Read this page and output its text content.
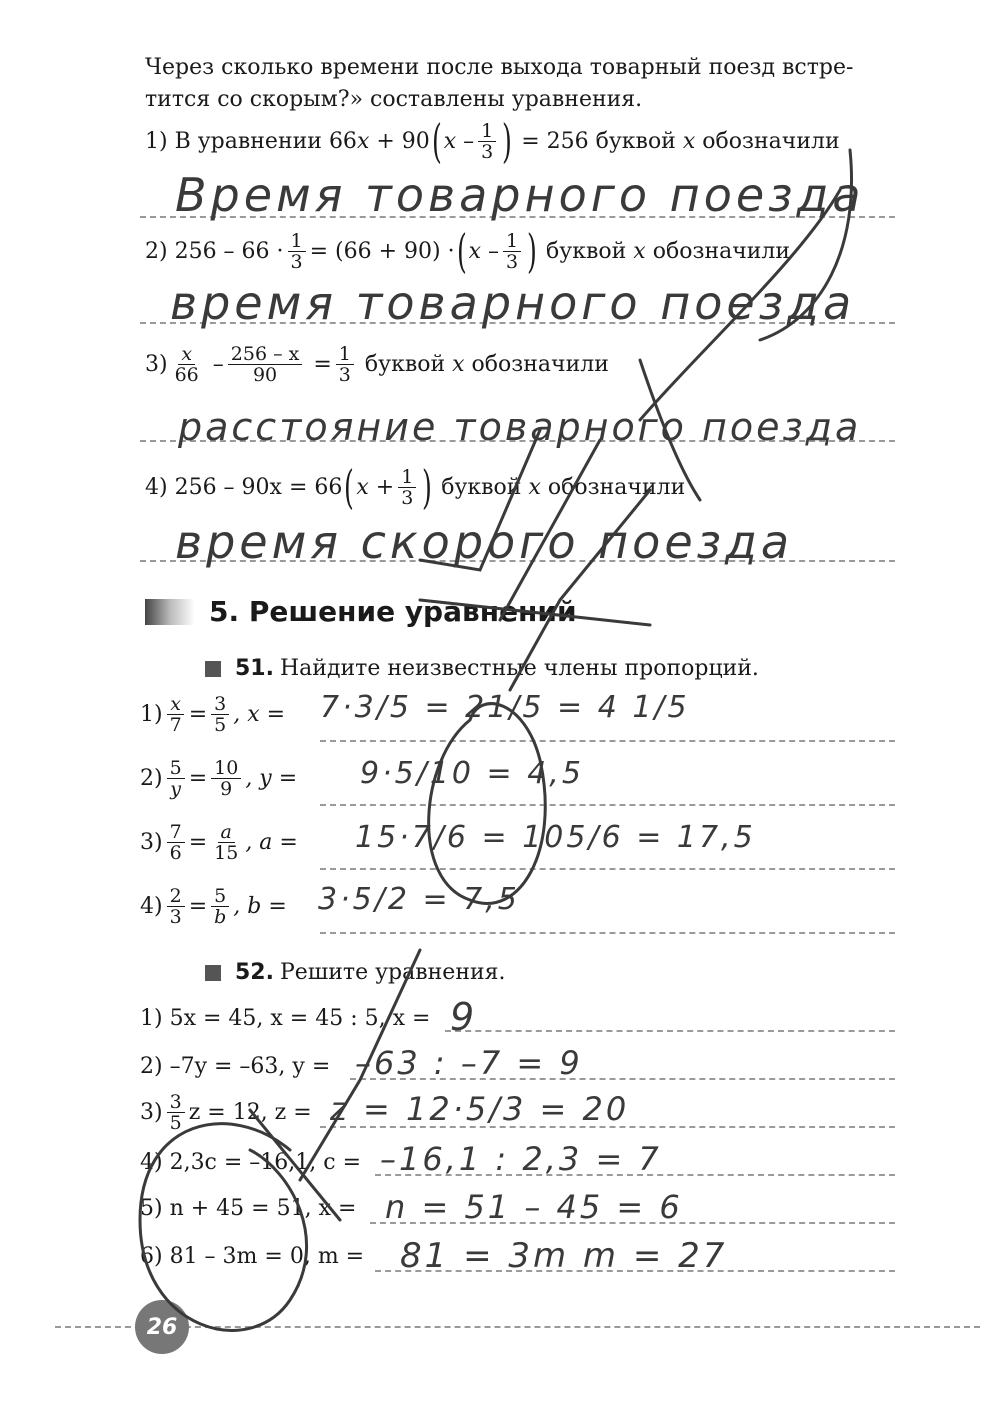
Через сколько времени после выхода товарный поезд встре-
тится со скорым?» составлены уравнения.
1) В уравнении
66 x
+ 90 ( x – $\frac{1}{3}$ )
= 256 буквой
x
обозначили
Время товарного поезда
2) $256 - 66 \cdot \frac{1}{3} = (66 + 90)$ · ( x – $\frac{1}{3}$ )
буквой
x
обозначили
время товарного поезда
$3) \frac{x}{66} - \frac{256 - x}{90} = \frac{1}{3}$
буквой
x
обозначили
расстояние товарного поезда
4) 256 – 90x = 66 ( $x + \frac{1}{3}$ )
буквой
x
обозначили
время скорого поезда
5. Решение уравнений
51. Найдите неизвестные члены пропорций.
$1) \frac{x}{7} = \frac{3}{5}$ , x = 7·3/5 = 21/5 = 4 1/5
$2) \frac{5}{y} = \frac{10}{9}$ , y = 9·5/10 = 4,5
$3) \frac{7}{6} = \frac{a}{15}$ , a = 15·7/6 = 105/6 = 17,5
$4) \frac{2}{3} = \frac{5}{b}$ , b = 3·5/2 = 7,5
52. Решите уравнения.
1) 5x = 45, x = 45 : 5, x = 9
2) –7y = –63, y = –63 : –7 = 9
$3) \frac{3}{5}$ z = 12, z = z = 12·5/3 = 20
4) 2,3c = –16,1, c = –16,1 : 2,3 = 7
5) n + 45 = 51, x = n = 51 – 45 = 6
6) 81 – 3m = 0, m = 81 = 3m m = 27
26
